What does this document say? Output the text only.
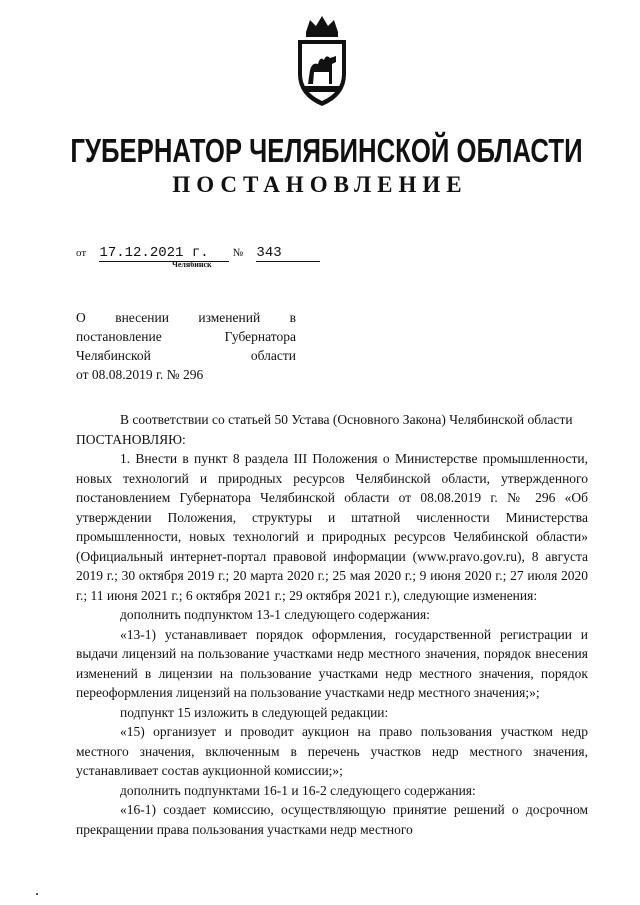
ГУБЕРНАТОР ЧЕЛЯБИНСКОЙ ОБЛАСТИ
ПОСТАНОВЛЕНИЕ
от 17.12.2021 г. № 343
Челябинск
О внесении изменений в
постановление Губернатора
Челябинской области
от 08.08.2019 г. № 296

В соответствии со статьей 50 Устава (Основного Закона) Челябинской области

ПОСТАНОВЛЯЮ:

1. Внести в пункт 8 раздела III Положения о Министерстве промышленности, новых технологий и природных ресурсов Челябинской области, утвержденного постановлением Губернатора Челябинской области от 08.08.2019 г. № 296 «Об утверждении Положения, структуры и штатной численности Министерства промышленности, новых технологий и природных ресурсов Челябинской области» (Официальный интернет-портал правовой информации (www.pravo.gov.ru), 8 августа 2019 г.; 30 октября 2019 г.; 20 марта 2020 г.; 25 мая 2020 г.; 9 июня 2020 г.; 27 июля 2020 г.; 11 июня 2021 г.; 6 октября 2021 г.; 29 октября 2021 г.), следующие изменения:

дополнить подпунктом 13-1 следующего содержания:

«13-1) устанавливает порядок оформления, государственной регистрации и выдачи лицензий на пользование участками недр местного значения, порядок внесения изменений в лицензии на пользование участками недр местного значения, порядок переоформления лицензий на пользование участками недр местного значения;»;

подпункт 15 изложить в следующей редакции:

«15) организует и проводит аукцион на право пользования участком недр местного значения, включенным в перечень участков недр местного значения, устанавливает состав аукционной комиссии;»;

дополнить подпунктами 16-1 и 16-2 следующего содержания:

«16-1) создает комиссию, осуществляющую принятие решений о досрочном прекращении права пользования участками недр местного
